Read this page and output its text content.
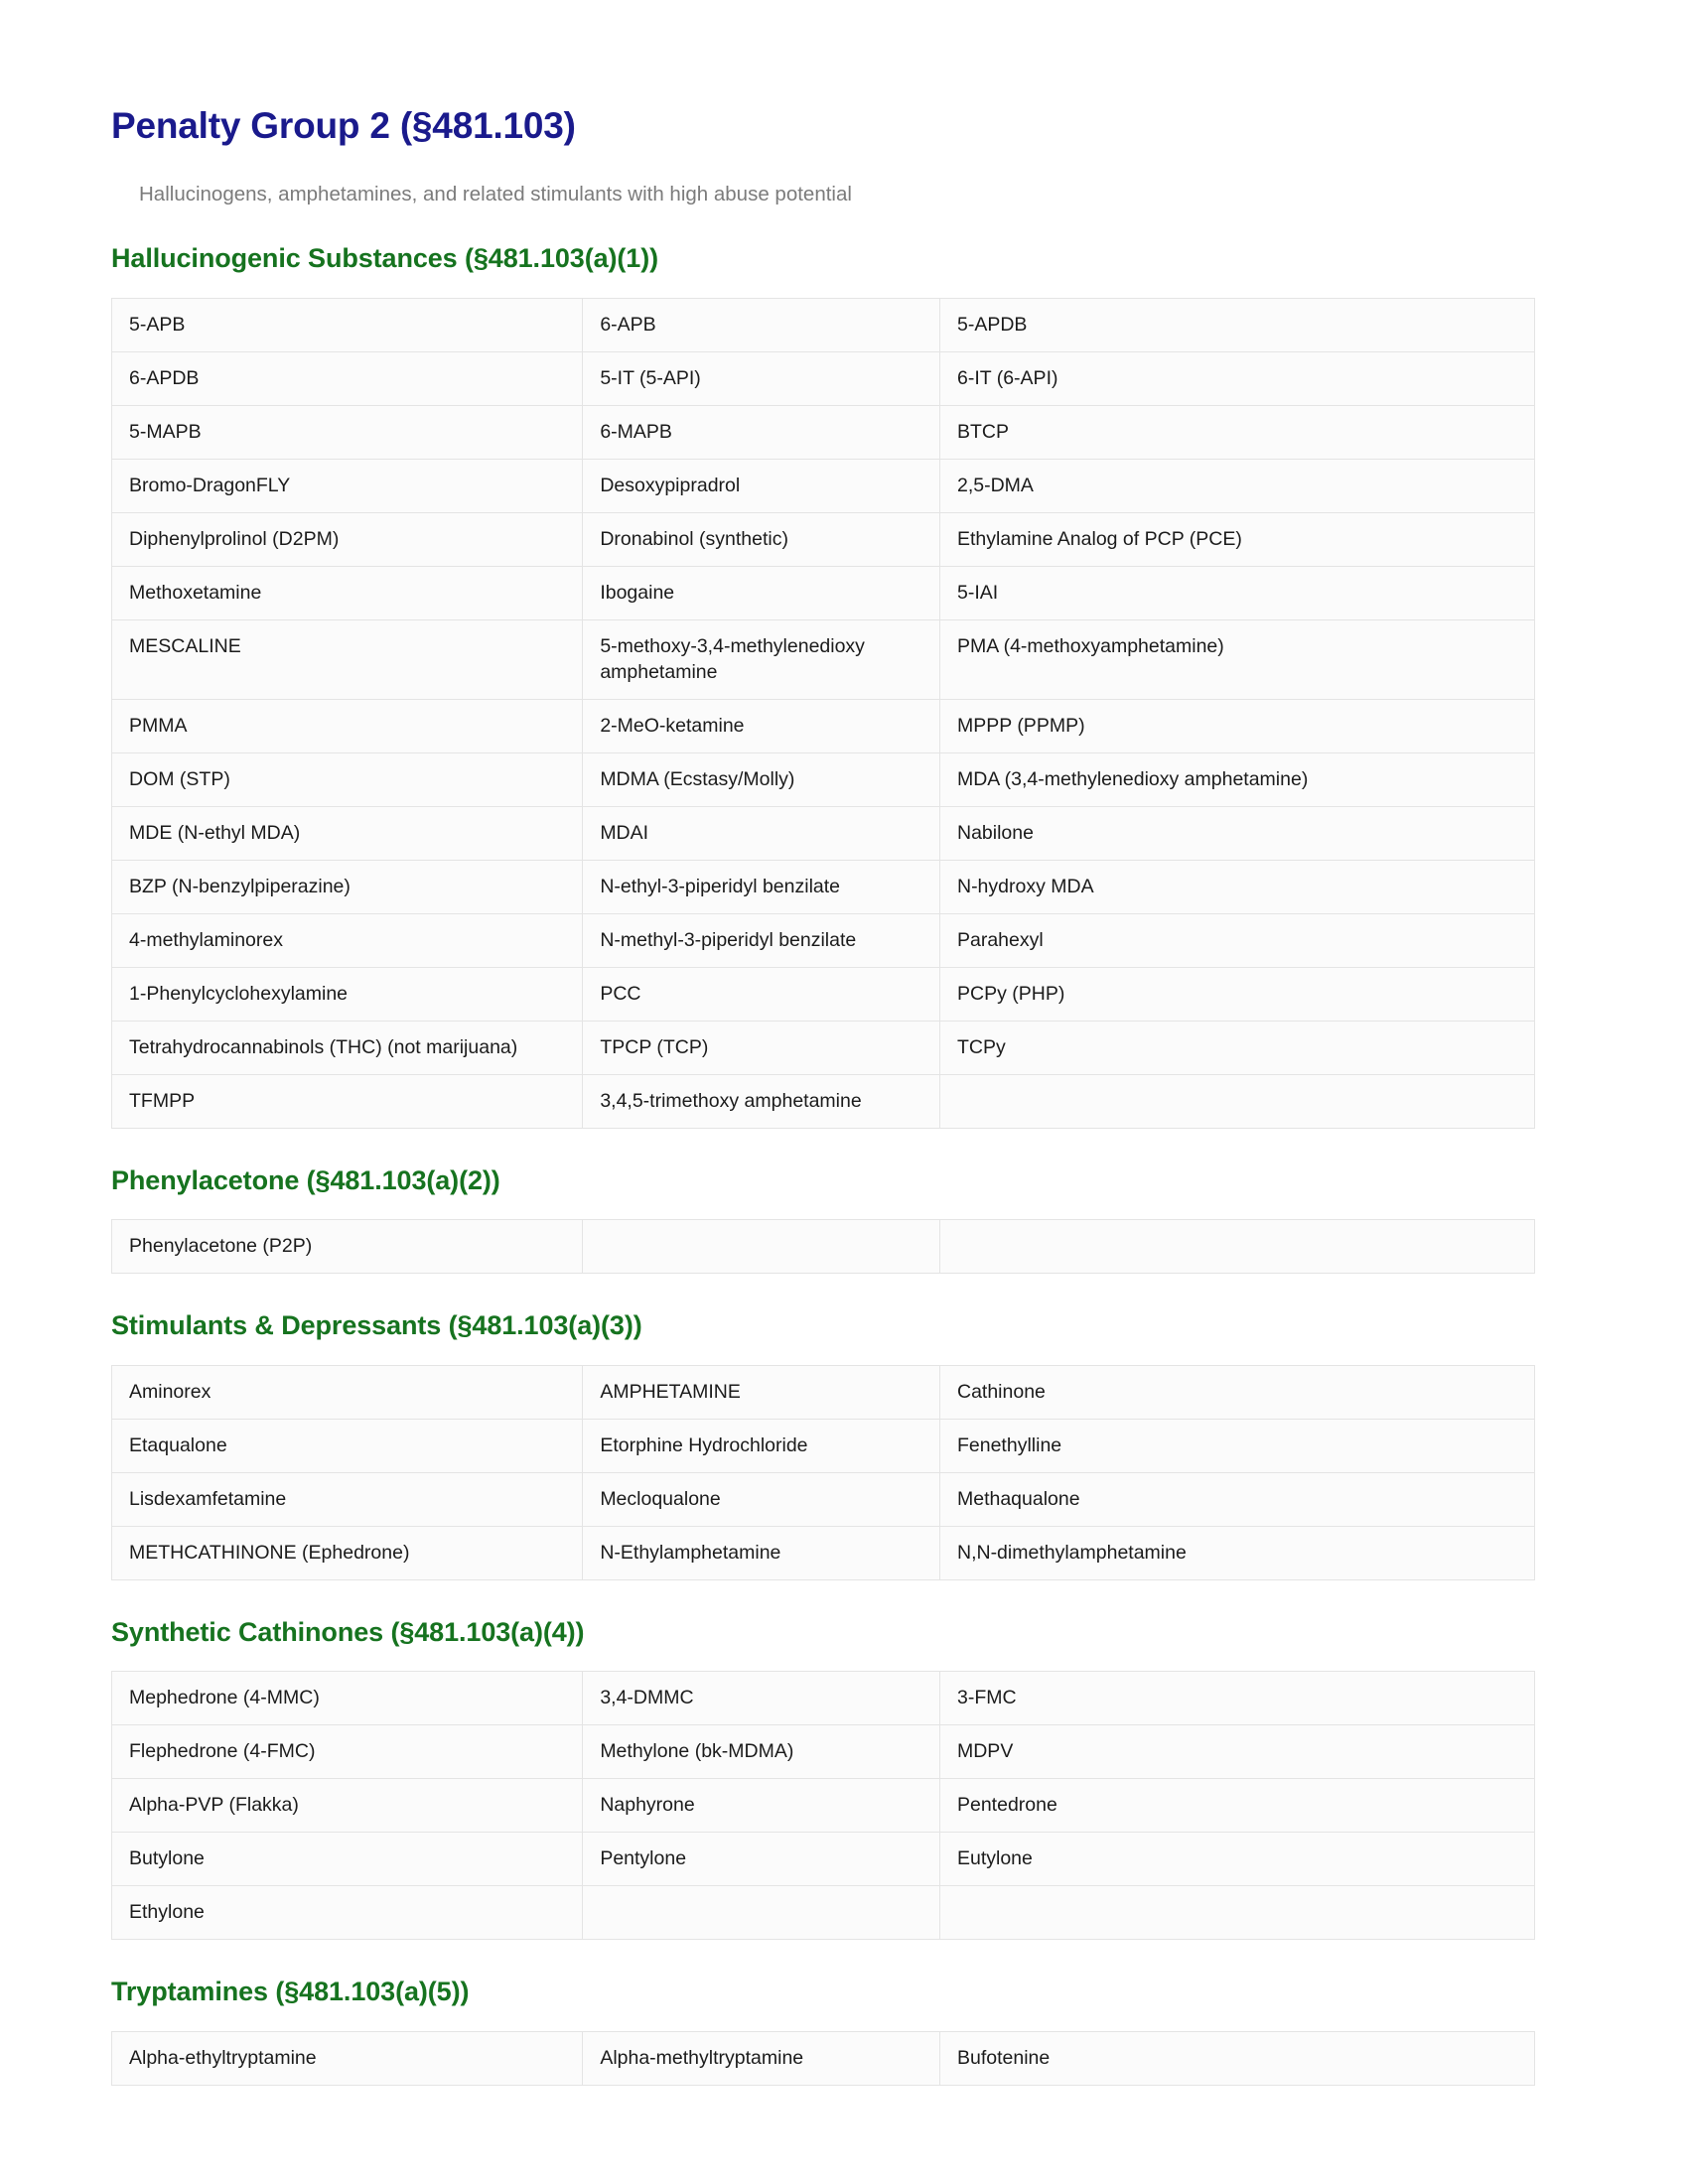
Penalty Group 2 (§481.103)

Hallucinogens, amphetamines, and related stimulants with high abuse potential

Hallucinogenic Substances (§481.103(a)(1))
5-APB	6-APB	5-APDB
6-APDB	5-IT (5-API)	6-IT (6-API)
5-MAPB	6-MAPB	BTCP
Bromo-DragonFLY	Desoxypipradrol	2,5-DMA
Diphenylprolinol (D2PM)	Dronabinol (synthetic)	Ethylamine Analog of PCP (PCE)
Methoxetamine	Ibogaine	5-IAI
MESCALINE	5-methoxy-3,4-methylenedioxy amphetamine	PMA (4-methoxyamphetamine)
PMMA	2-MeO-ketamine	MPPP (PPMP)
DOM (STP)	MDMA (Ecstasy/Molly)	MDA (3,4-methylenedioxy amphetamine)
MDE (N-ethyl MDA)	MDAI	Nabilone
BZP (N-benzylpiperazine)	N-ethyl-3-piperidyl benzilate	N-hydroxy MDA
4-methylaminorex	N-methyl-3-piperidyl benzilate	Parahexyl
1-Phenylcyclohexylamine	PCC	PCPy (PHP)
Tetrahydrocannabinols (THC) (not marijuana)	TPCP (TCP)	TCPy
TFMPP	3,4,5-trimethoxy amphetamine	
Phenylacetone (§481.103(a)(2))
Phenylacetone (P2P)		
Stimulants & Depressants (§481.103(a)(3))
Aminorex	AMPHETAMINE	Cathinone
Etaqualone	Etorphine Hydrochloride	Fenethylline
Lisdexamfetamine	Mecloqualone	Methaqualone
METHCATHINONE (Ephedrone)	N-Ethylamphetamine	N,N-dimethylamphetamine
Synthetic Cathinones (§481.103(a)(4))
Mephedrone (4-MMC)	3,4-DMMC	3-FMC
Flephedrone (4-FMC)	Methylone (bk-MDMA)	MDPV
Alpha-PVP (Flakka)	Naphyrone	Pentedrone
Butylone	Pentylone	Eutylone
Ethylone		
Tryptamines (§481.103(a)(5))
Alpha-ethyltryptamine	Alpha-methyltryptamine	Bufotenine
